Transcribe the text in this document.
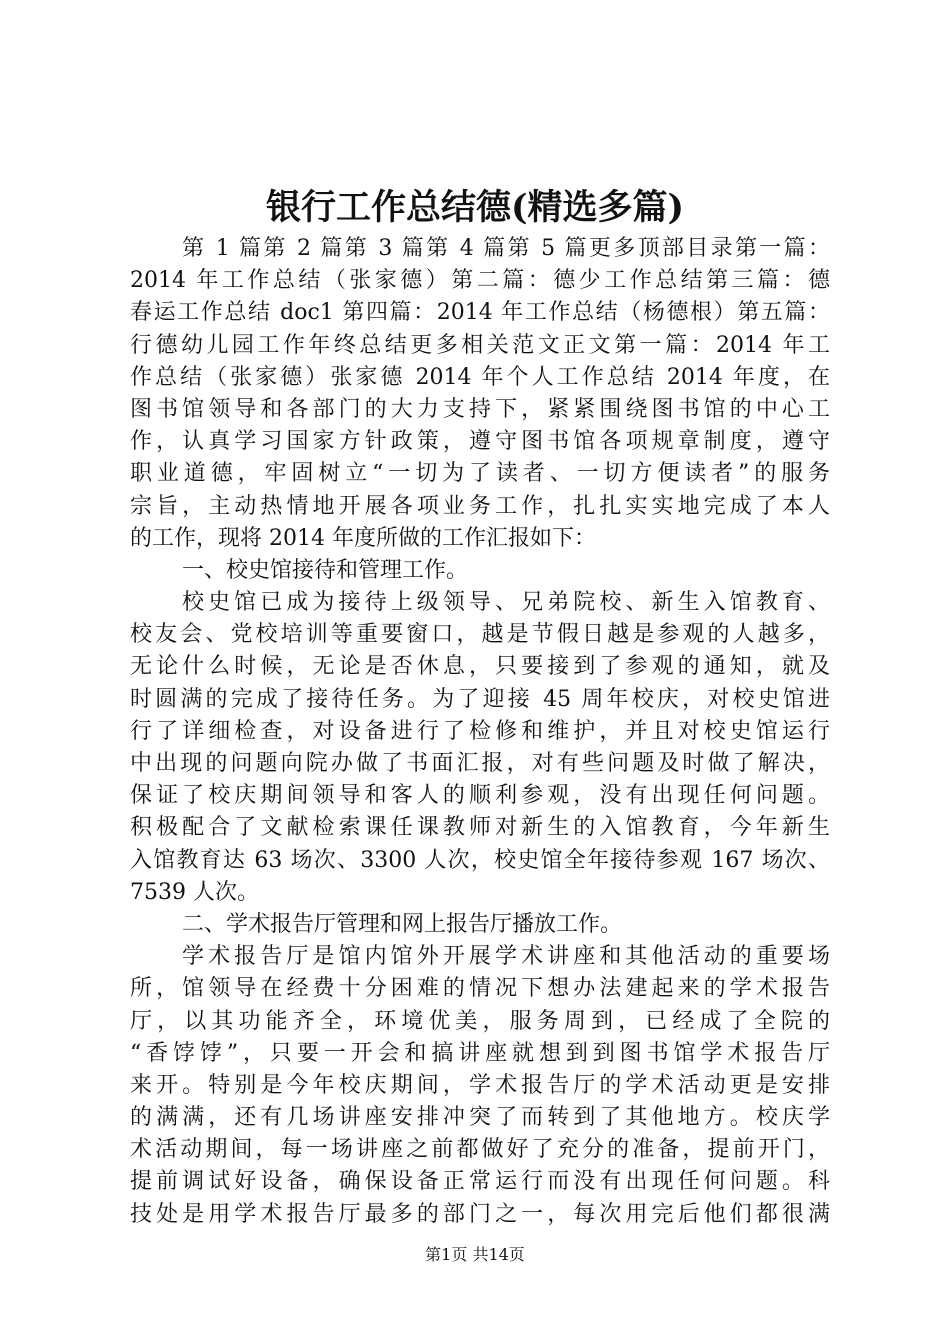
银行工作总结德(精选多篇)
第 1 篇第 2 篇第 3 篇第 4 篇第 5 篇更多顶部目录第一篇：
2014 年工作总结（张家德）第二篇：德少工作总结第三篇：德
春运工作总结 doc1 第四篇：2014 年工作总结（杨德根）第五篇：
行德幼儿园工作年终总结更多相关范文正文第一篇：2014 年工
作总结（张家德）张家德 2014 年个人工作总结 2014 年度，在
图书馆领导和各部门的大力支持下，紧紧围绕图书馆的中心工
作，认真学习国家方针政策，遵守图书馆各项规章制度，遵守
职业道德，牢固树立“一切为了读者、一切方便读者”的服务
宗旨，主动热情地开展各项业务工作，扎扎实实地完成了本人
的工作，现将 2014 年度所做的工作汇报如下：
一、校史馆接待和管理工作。
校史馆已成为接待上级领导、兄弟院校、新生入馆教育、
校友会、党校培训等重要窗口，越是节假日越是参观的人越多，
无论什么时候，无论是否休息，只要接到了参观的通知，就及
时圆满的完成了接待任务。为了迎接 45 周年校庆，对校史馆进
行了详细检查，对设备进行了检修和维护，并且对校史馆运行
中出现的问题向院办做了书面汇报，对有些问题及时做了解决，
保证了校庆期间领导和客人的顺利参观，没有出现任何问题。
积极配合了文献检索课任课教师对新生的入馆教育，今年新生
入馆教育达 63 场次、3300 人次，校史馆全年接待参观 167 场次、
7539 人次。
二、学术报告厅管理和网上报告厅播放工作。
学术报告厅是馆内馆外开展学术讲座和其他活动的重要场
所，馆领导在经费十分困难的情况下想办法建起来的学术报告
厅，以其功能齐全，环境优美，服务周到，已经成了全院的
“香饽饽”，只要一开会和搞讲座就想到到图书馆学术报告厅
来开。特别是今年校庆期间，学术报告厅的学术活动更是安排
的满满，还有几场讲座安排冲突了而转到了其他地方。校庆学
术活动期间，每一场讲座之前都做好了充分的准备，提前开门，
提前调试好设备，确保设备正常运行而没有出现任何问题。科
技处是用学术报告厅最多的部门之一，每次用完后他们都很满
第1页 共14页
